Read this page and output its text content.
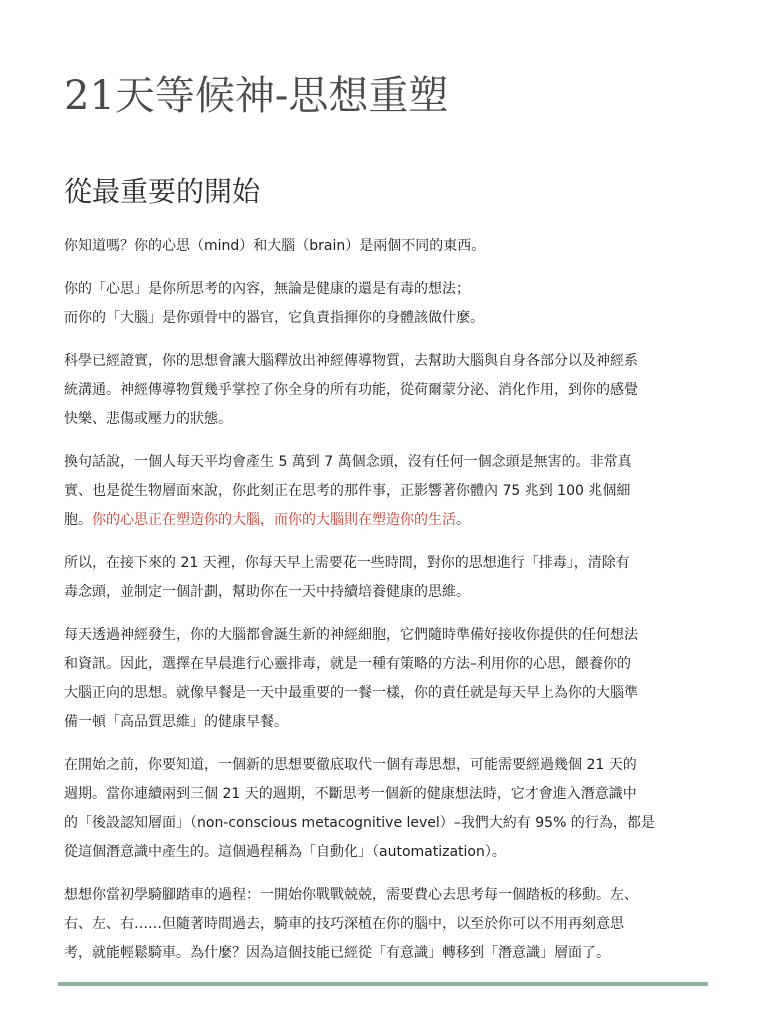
21天等候神-思想重塑
從最重要的開始

你知道嗎？你的心思（mind）和大腦（brain）是兩個不同的東西。

你的「心思」是你所思考的內容，無論是健康的還是有毒的想法；
而你的「大腦」是你頭骨中的器官，它負責指揮你的身體該做什麼。

科學已經證實，你的思想會讓大腦釋放出神經傳導物質，去幫助大腦與自身各部分以及神經系
統溝通。神經傳導物質幾乎掌控了你全身的所有功能，從荷爾蒙分泌、消化作用，到你的感覺
快樂、悲傷或壓力的狀態。

換句話說，一個人每天平均會產生 5 萬到 7 萬個念頭，沒有任何一個念頭是無害的。非常真
實、也是從生物層面來說，你此刻正在思考的那件事，正影響著你體內 75 兆到 100 兆個細
胞。你的心思正在塑造你的大腦，而你的大腦則在塑造你的生活。

所以，在接下來的 21 天裡，你每天早上需要花一些時間，對你的思想進行「排毒」，清除有
毒念頭，並制定一個計劃，幫助你在一天中持續培養健康的思維。

每天透過神經發生，你的大腦都會誕生新的神經細胞，它們隨時準備好接收你提供的任何想法
和資訊。因此，選擇在早晨進行心靈排毒，就是一種有策略的方法–利用你的心思，餵養你的
大腦正向的思想。就像早餐是一天中最重要的一餐一樣，你的責任就是每天早上為你的大腦準
備一頓「高品質思維」的健康早餐。

在開始之前，你要知道，一個新的思想要徹底取代一個有毒思想，可能需要經過幾個 21 天的
週期。當你連續兩到三個 21 天的週期，不斷思考一個新的健康想法時，它才會進入潛意識中
的「後設認知層面」（non-conscious metacognitive level）–我們大約有 95% 的行為，都是
從這個潛意識中產生的。這個過程稱為「自動化」（automatization）。

想想你當初學騎腳踏車的過程：一開始你戰戰兢兢，需要費心去思考每一個踏板的移動。左、
右、左、右……但隨著時間過去，騎車的技巧深植在你的腦中，以至於你可以不用再刻意思
考，就能輕鬆騎車。為什麼？因為這個技能已經從「有意識」轉移到「潛意識」層面了。
